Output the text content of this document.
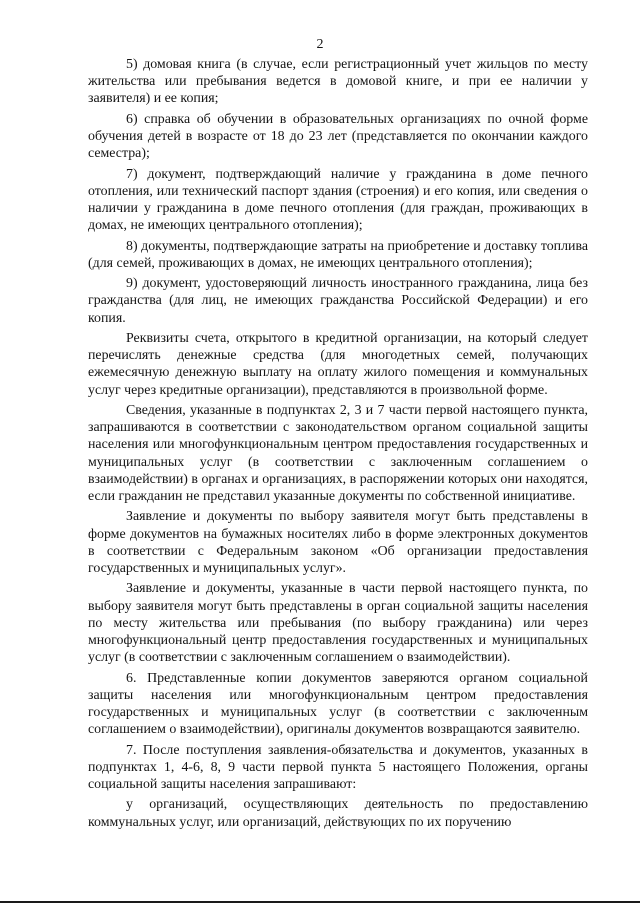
2

5) домовая книга (в случае, если регистрационный учет жильцов по месту жительства или пребывания ведется в домовой книге, и при ее наличии у заявителя) и ее копия;

6) справка об обучении в образовательных организациях по очной форме обучения детей в возрасте от 18 до 23 лет (представляется по окончании каждого семестра);

7) документ, подтверждающий наличие у гражданина в доме печного отопления, или технический паспорт здания (строения) и его копия, или сведения о наличии у гражданина в доме печного отопления (для граждан, проживающих в домах, не имеющих центрального отопления);

8) документы, подтверждающие затраты на приобретение и доставку топлива (для семей, проживающих в домах, не имеющих центрального отопления);

9) документ, удостоверяющий личность иностранного гражданина, лица без гражданства (для лиц, не имеющих гражданства Российской Федерации) и его копия.

Реквизиты счета, открытого в кредитной организации, на который следует перечислять денежные средства (для многодетных семей, получающих ежемесячную денежную выплату на оплату жилого помещения и коммунальных услуг через кредитные организации), представляются в произвольной форме.

Сведения, указанные в подпунктах 2, 3 и 7 части первой настоящего пункта, запрашиваются в соответствии с законодательством органом социальной защиты населения или многофункциональным центром предоставления государственных и муниципальных услуг (в соответствии с заключенным соглашением о взаимодействии) в органах и организациях, в распоряжении которых они находятся, если гражданин не представил указанные документы по собственной инициативе.

Заявление и документы по выбору заявителя могут быть представлены в форме документов на бумажных носителях либо в форме электронных документов в соответствии с Федеральным законом «Об организации предоставления государственных и муниципальных услуг».

Заявление и документы, указанные в части первой настоящего пункта, по выбору заявителя могут быть представлены в орган социальной защиты населения по месту жительства или пребывания (по выбору гражданина) или через многофункциональный центр предоставления государственных и муниципальных услуг (в соответствии с заключенным соглашением о взаимодействии).

6. Представленные копии документов заверяются органом социальной защиты населения или многофункциональным центром предоставления государственных и муниципальных услуг (в соответствии с заключенным соглашением о взаимодействии), оригиналы документов возвращаются заявителю.

7. После поступления заявления-обязательства и документов, указанных в подпунктах 1, 4-6, 8, 9 части первой пункта 5 настоящего Положения, органы социальной защиты населения запрашивают:

у организаций, осуществляющих деятельность по предоставлению коммунальных услуг, или организаций, действующих по их поручению
